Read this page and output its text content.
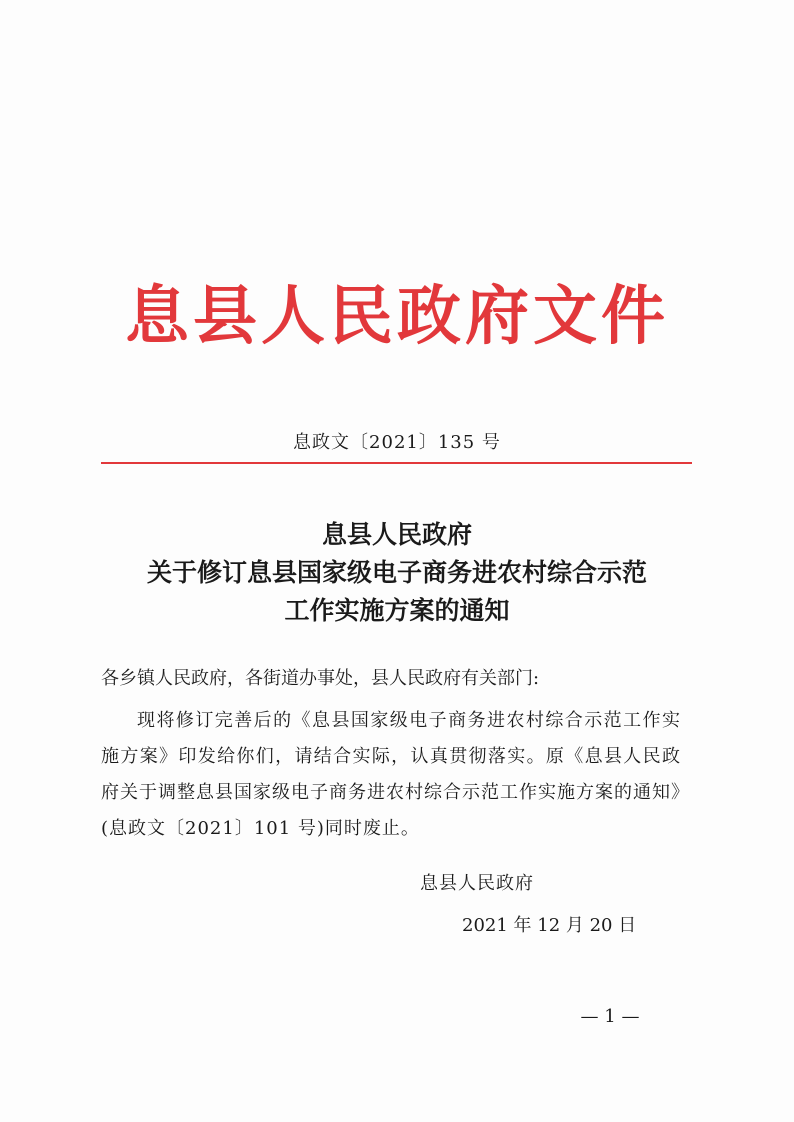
息县人民政府文件
息政文〔2021〕135 号
息县人民政府
关于修订息县国家级电子商务进农村综合示范
工作实施方案的通知
各乡镇人民政府，各街道办事处，县人民政府有关部门:
现将修订完善后的《息县国家级电子商务进农村综合示范工作实施方案》印发给你们，请结合实际，认真贯彻落实。原《息县人民政府关于调整息县国家级电子商务进农村综合示范工作实施方案的通知》(息政文〔2021〕101 号)同时废止。
息县人民政府
2021 年 12 月 20 日
— 1 —
